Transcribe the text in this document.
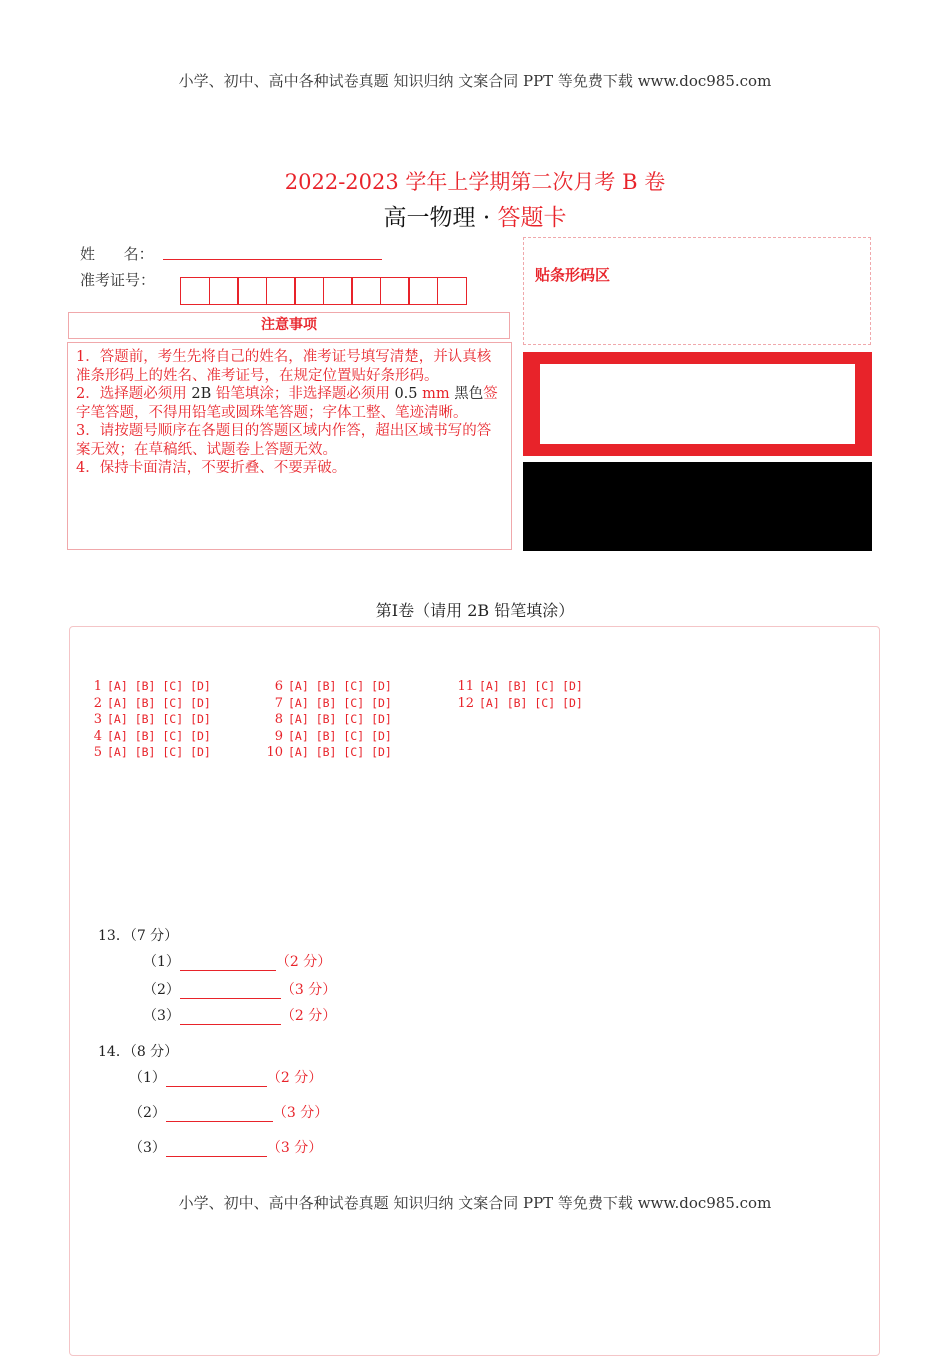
小学、初中、高中各种试卷真题 知识归纳 文案合同 PPT 等免费下载 www.doc985.com
2022-2023 学年上学期第二次月考 B 卷
高一物理 · 答题卡
姓      名：
准考证号：
注意事项

1．答题前，考生先将自己的姓名，准考证号填写清楚，并认真核准条形码上的姓名、准考证号，在规定位置贴好条形码。

2．选择题必须用 2B 铅笔填涂；非选择题必须用 0.5 mm 黑色签字笔答题，不得用铅笔或圆珠笔答题；字体工整、笔迹清晰。

3．请按题号顺序在各题目的答题区域内作答，超出区域书写的答案无效；在草稿纸、试题卷上答题无效。

4．保持卡面清洁，不要折叠、不要弄破。

贴条形码区
第Ⅰ卷（请用 2B 铅笔填涂）
1 [A] [B] [C] [D]
2 [A] [B] [C] [D]
3 [A] [B] [C] [D]
4 [A] [B] [C] [D]
5 [A] [B] [C] [D]
6 [A] [B] [C] [D]
7 [A] [B] [C] [D]
8 [A] [B] [C] [D]
9 [A] [B] [C] [D]
10 [A] [B] [C] [D]
11 [A] [B] [C] [D]
12 [A] [B] [C] [D]
13．（7 分）
（1）	（2 分）
（2）	（3 分）
（3）	（2 分）
14．（8 分）
（1）	（2 分）
（2）	（3 分）
（3）	（3 分）
小学、初中、高中各种试卷真题 知识归纳 文案合同 PPT 等免费下载 www.doc985.com
